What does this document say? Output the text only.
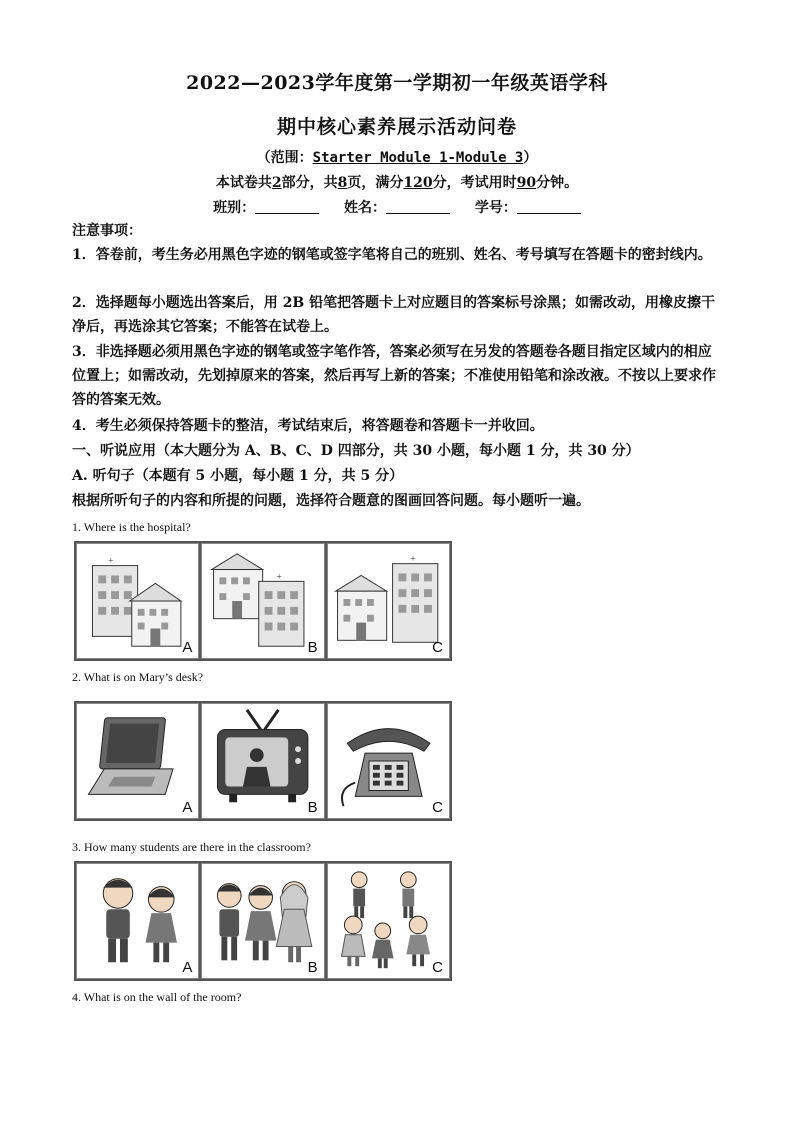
2022—2023学年度第一学期初一年级英语学科
期中核心素养展示活动问卷
（范围：Starter Module 1-Module 3）
本试卷共2部分，共8页，满分120分，考试用时90分钟。
班别：	姓名：	学号：
注意事项：
1．答卷前，考生务必用黑色字迹的钢笔或签字笔将自己的班别、姓名、考号填写在答题卡的密封线内。
2．选择题每小题选出答案后，用 2B 铅笔把答题卡上对应题目的答案标号涂黑；如需改动，用橡皮擦干净后，再选涂其它答案；不能答在试卷上。
3．非选择题必须用黑色字迹的钢笔或签字笔作答，答案必须写在另发的答题卷各题目指定区域内的相应位置上；如需改动，先划掉原来的答案，然后再写上新的答案；不准使用铅笔和涂改液。不按以上要求作答的答案无效。
4．考生必须保持答题卡的整洁，考试结束后，将答题卷和答题卡一并收回。
一、听说应用（本大题分为 A、B、C、D 四部分，共 30 小题，每小题 1 分，共 30 分）
A. 听句子（本题有 5 小题，每小题 1 分，共 5 分）
根据所听句子的内容和所提的问题，选择符合题意的图画回答问题。每小题听一遍。
1. Where is the hospital?
+
A
+
B
+
C
2. What is on Mary’s desk?
A	B	C
3. How many students are there in the classroom?
A	B	C
4. What is on the wall of the room?
